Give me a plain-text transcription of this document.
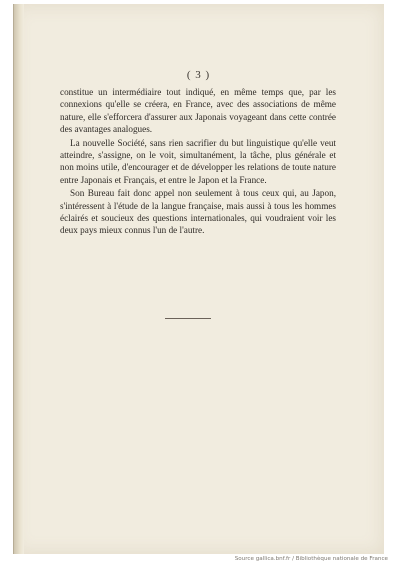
( 3 )

constitue un intermédiaire tout indiqué, en même temps que, par les connexions qu'elle se créera, en France, avec des associations de même nature, elle s'efforcera d'assurer aux Japonais voyageant dans cette contrée des avantages analogues.

La nouvelle Société, sans rien sacrifier du but linguistique qu'elle veut atteindre, s'assigne, on le voit, simultanément, la tâche, plus générale et non moins utile, d'encourager et de développer les relations de toute nature entre Japonais et Français, et entre le Japon et la France.

Son Bureau fait donc appel non seulement à tous ceux qui, au Japon, s'intéressent à l'étude de la langue française, mais aussi à tous les hommes éclairés et soucieux des questions internationales, qui voudraient voir les deux pays mieux connus l'un de l'autre.

Source gallica.bnf.fr / Bibliothèque nationale de France
